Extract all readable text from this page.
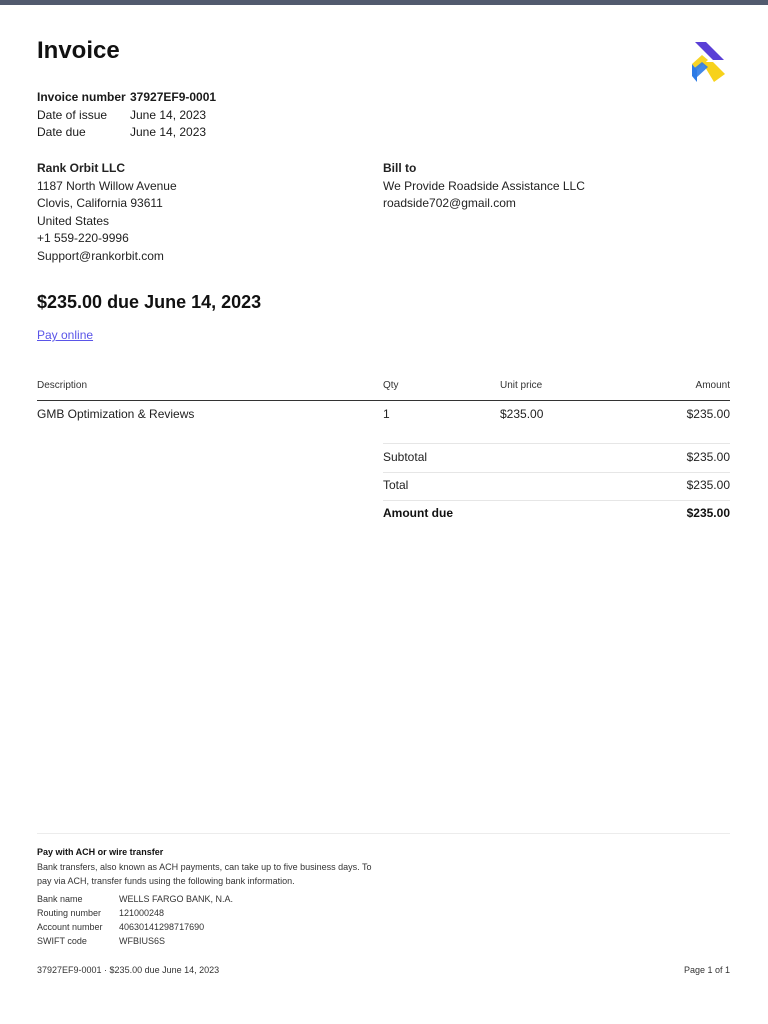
Invoice
Invoice number 37927EF9-0001
Date of issue	June 14, 2023
Date due	June 14, 2023
Rank Orbit LLC
1187 North Willow Avenue
Clovis, California 93611
United States
+1 559-220-9996
Support@rankorbit.com
Bill to
We Provide Roadside Assistance LLC
roadside702@gmail.com
$235.00 due June 14, 2023
Pay online
Description	Qty	Unit price	Amount
GMB Optimization & Reviews	1	$235.00	$235.00
Subtotal	$235.00
Total	$235.00
Amount due	$235.00
Pay with ACH or wire transfer
Bank transfers, also known as ACH payments, can take up to five business days. To pay via ACH, transfer funds using the following bank information.
Bank name	WELLS FARGO BANK, N.A.
Routing number	121000248
Account number	40630141298717690
SWIFT code	WFBIUS6S
37927EF9-0001 · $235.00 due June 14, 2023	Page 1 of 1
